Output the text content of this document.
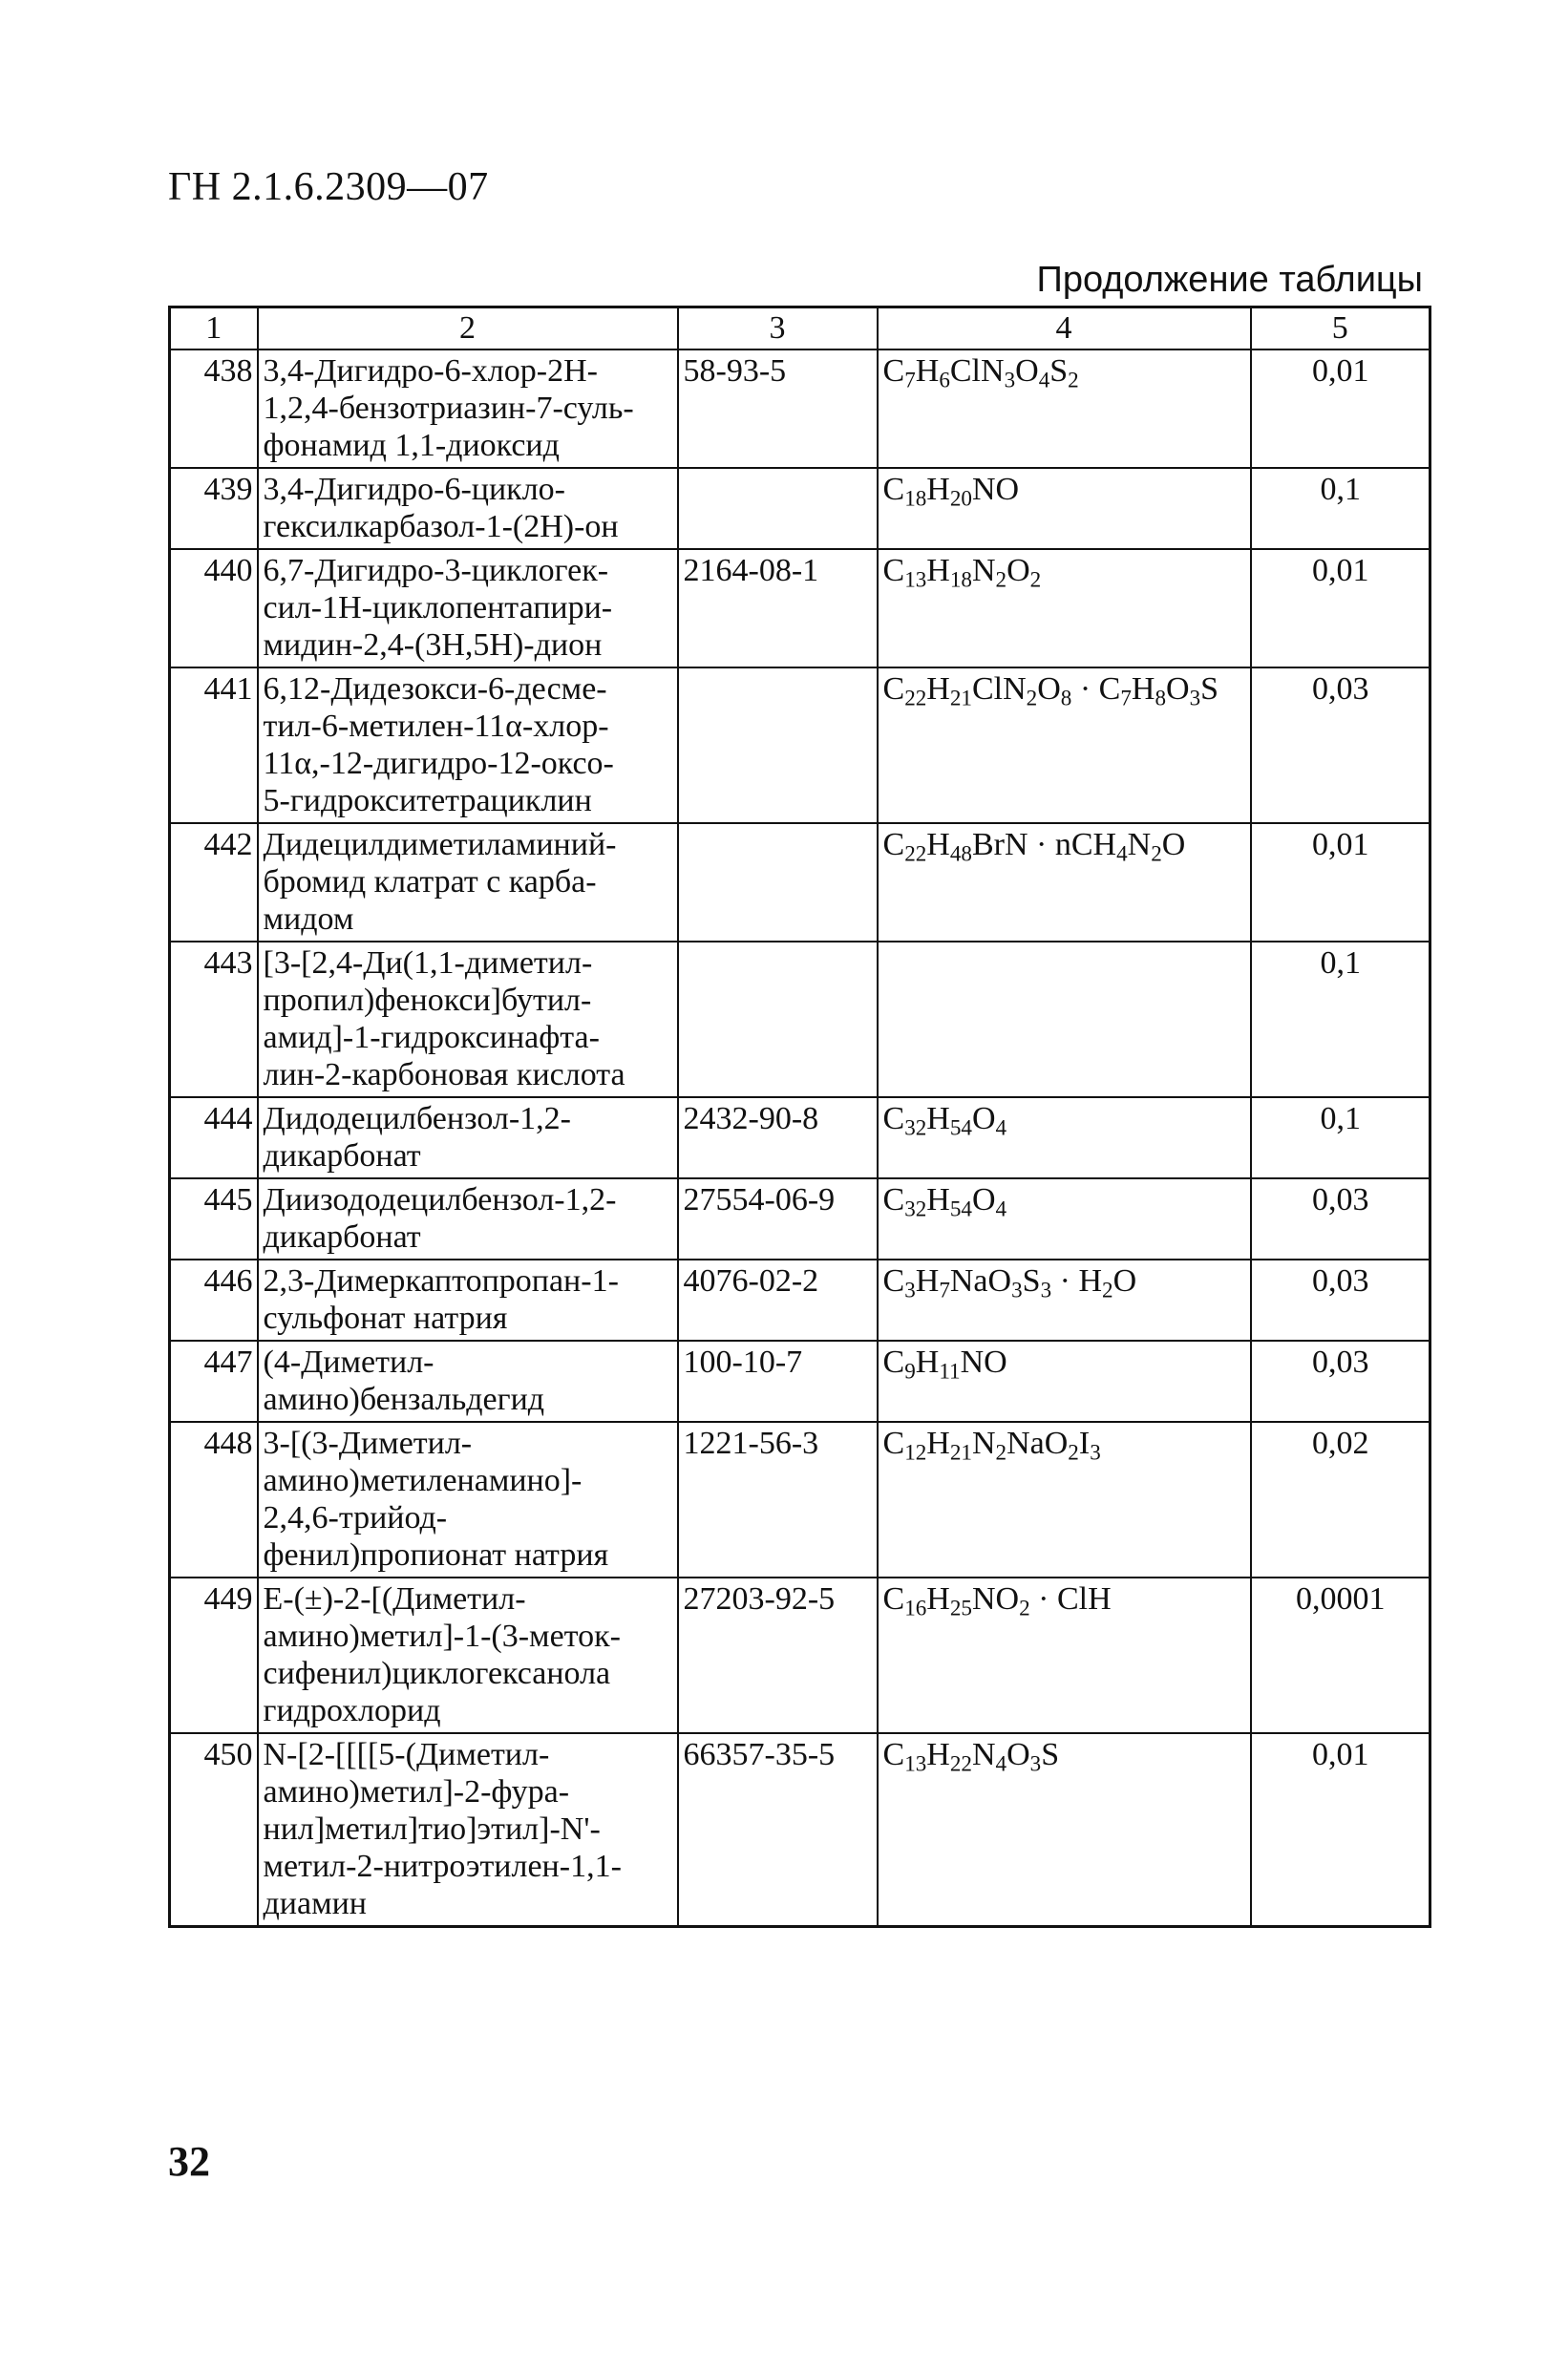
ГН 2.1.6.2309—07
Продолжение таблицы
1	2	3	4	5
438	3,4-Дигидро-6-хлор-2Н-
1,2,4-бензотриазин-7-суль-
фонамид 1,1-диоксид	58-93-5	$C_7H_6ClN_3O_4S_2$	0,01
439	3,4-Дигидро-6-цикло-
гексилкарбазол-1-(2Н)-он		$C_{18}H_{20}NO$	0,1
440	6,7-Дигидро-3-циклогек-
сил-1Н-циклопентапири-
мидин-2,4-(3Н,5Н)-дион	2164-08-1	$C_{13}H_{18}N_2O_2$	0,01
441	6,12-Дидезокси-6-десме-
тил-6-метилен-11α-хлор-
11α,-12-дигидро-12-оксо-
5-гидрокситетрациклин		$C_{22}H_{21}ClN_2O_8 \cdot C_7H_8O_3S$	0,03
442	Дидецилдиметиламиний-
бромид клатрат с карба-
мидом		$C_{22}H_{48}BrN \cdot nCH_4N_2O$	0,01
443	[3-[2,4-Ди(1,1-диметил-
пропил)фенокси]бутил-
амид]-1-гидроксинафта-
лин-2-карбоновая кислота			0,1
444	Дидодецилбензол-1,2-
дикарбонат	2432-90-8	$C_{32}H_{54}O_4$	0,1
445	Диизододецилбензол-1,2-
дикарбонат	27554-06-9	$C_{32}H_{54}O_4$	0,03
446	2,3-Димеркаптопропан-1-
сульфонат натрия	4076-02-2	$C_3H_7NaO_3S_3 \cdot H_2O$	0,03
447	(4-Диметил-
амино)бензальдегид	100-10-7	$C_9H_{11}NO$	0,03
448	3-[(3-Диметил-
амино)метиленамино]-
2,4,6-трийод-
фенил)пропионат натрия	1221-56-3	$C_{12}H_{21}N_2NaO_2I_3$	0,02
449	Е-(±)-2-[(Диметил-
амино)метил]-1-(3-меток-
сифенил)циклогексанола
гидрохлорид	27203-92-5	$C_{16}H_{25}NO_2$ · ClH	0,0001
450	N-[2-[[[[5-(Диметил-
амино)метил]-2-фура-
нил]метил]тио]этил]-N'-
метил-2-нитроэтилен-1,1-
диамин	66357-35-5	$C_{13}H_{22}N_4O_3S$	0,01
32
